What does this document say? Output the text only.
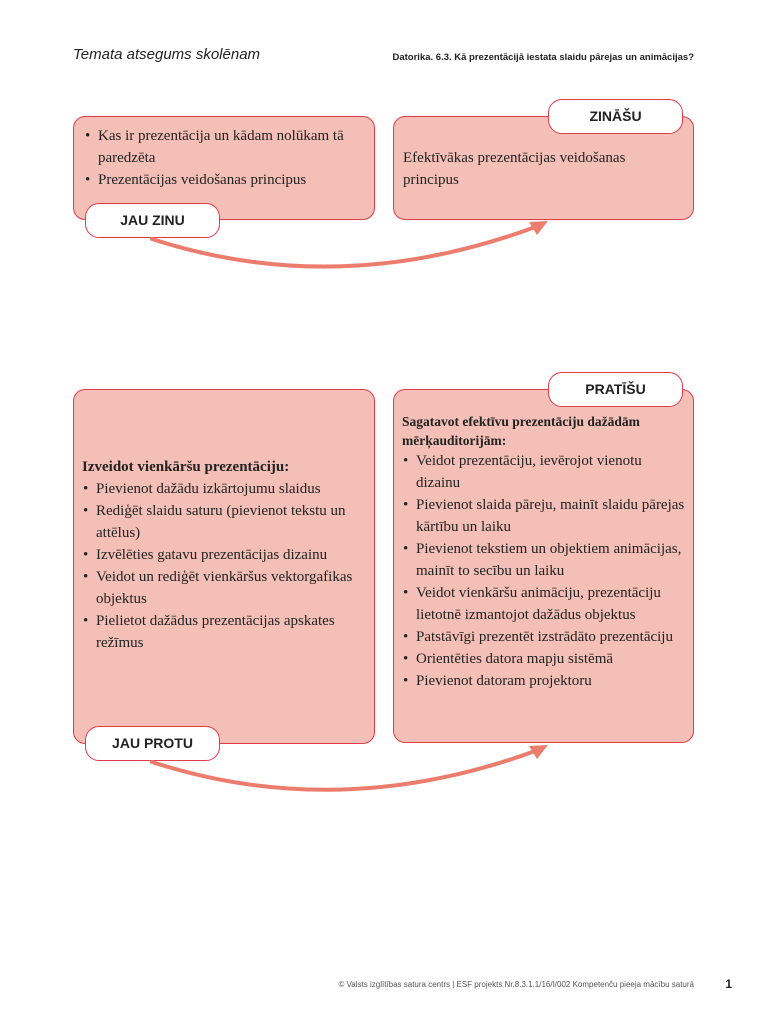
Temata atsegums skolēnam	Datorika. 6.3. Kā prezentācijā iestata slaidu pārejas un animācijas?
• Kas ir prezentācija un kādam nolūkam tā paredzēta
• Prezentācijas veidošanas principus
JAU ZINU
Efektīvākas prezentācijas veidošanas principus
ZINĀŠU
Izveidot vienkāršu prezentāciju:
• Pievienot dažādu izkārtojumu slaidus
• Rediģēt slaidu saturu (pievienot tekstu un attēlus)
• Izvēlēties gatavu prezentācijas dizainu
• Veidot un rediģēt vienkāršus vektorgafikas objektus
• Pielietot dažādus prezentācijas apskates režīmus
JAU PROTU
Sagatavot efektīvu prezentāciju dažādām mērķauditorijām:
• Veidot prezentāciju, ievērojot vienotu dizainu
• Pievienot slaida pāreju, mainīt slaidu pārejas kārtību un laiku
• Pievienot tekstiem un objektiem animācijas, mainīt to secību un laiku
• Veidot vienkāršu animāciju, prezentāciju lietotnē izmantojot dažādus objektus
• Patstāvīgi prezentēt izstrādāto prezentāciju
• Orientēties datora mapju sistēmā
• Pievienot datoram projektoru
PRATĪŠU
© Valsts izglītības satura centrs | ESF projekts Nr.8.3.1.1/16/I/002 Kompetenču pieeja mācību saturā	1
